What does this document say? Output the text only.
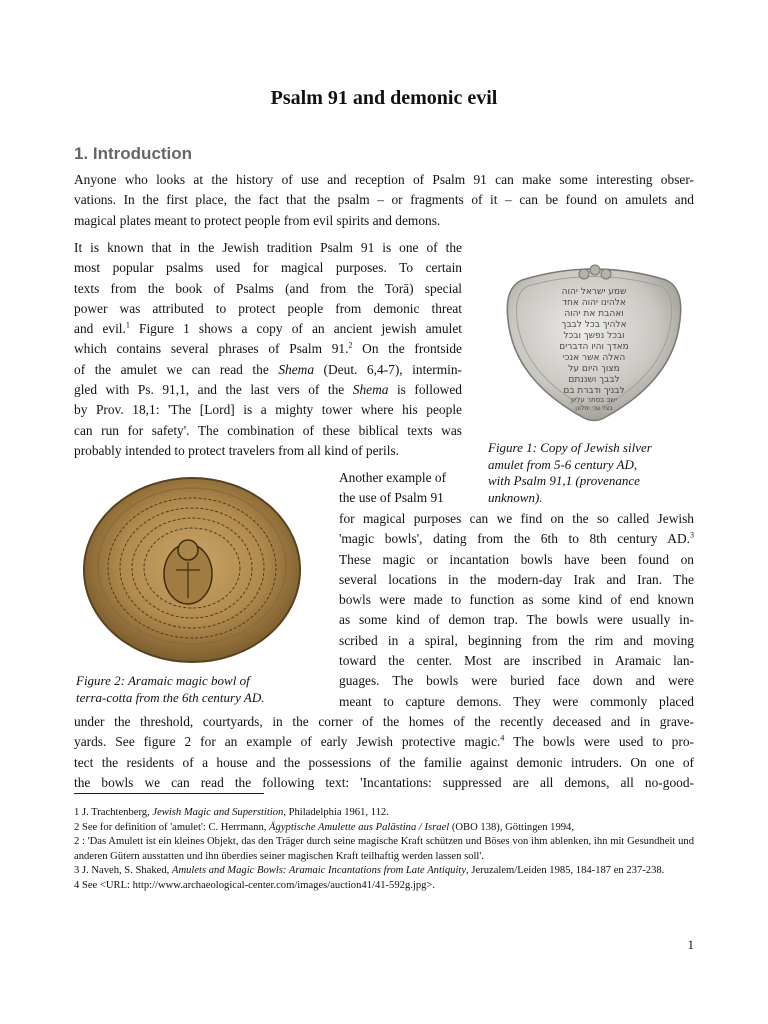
Psalm 91 and demonic evil
1. Introduction
Anyone who looks at the history of use and reception of Psalm 91 can make some interesting obser-
vations. In the first place, the fact that the psalm – or fragments of it – can be found on amulets and
magical plates meant to protect people from evil spirits and demons.
It is known that in the Jewish tradition Psalm 91 is one of the
most popular psalms used for magical purposes. To certain
texts from the book of Psalms (and from the Torā) special
power was attributed to protect people from demonic threat
and evil.$^1$ Figure 1 shows a copy of an ancient jewish amulet
which contains several phrases of Psalm 91.$^2$ On the frontside
of the amulet we can read the Shema (Deut. 6,4-7), intermin-
gled with Ps. 91,1, and the last vers of the Shema is followed
by Prov. 18,1: 'The [Lord] is a mighty tower where his people
can run for safety'. The combination of these biblical texts was
probably intended to protect travelers from all kind of perils.
שמע ישראל יהוה
אלהינו יהוה אחד
ואהבת את יהוה
אלהיך בכל לבבך
ובכל נפשך ובכל
מאדך והיו הדברים
האלה אשר אנכי
מצוך היום על
לבבך ושננתם
לבניך ודברת בם
ישב בסתר עליון
בצל שדי יתלונן
Figure 1: Copy of Jewish silver
amulet from 5-6 century AD,
with Psalm 91,1 (provenance
unknown).
Figure 2: Aramaic magic bowl of
terra-cotta from the 6th century AD.
Another example of
the use of Psalm 91
for magical purposes can we find on the so called Jewish
'magic bowls', dating from the 6th to 8th century AD.$^3$
These magic or incantation bowls have been found on
several locations in the modern-day Irak and Iran. The
bowls were made to function as some kind of end known
as some kind of demon trap. The bowls were usually in-
scribed in a spiral, beginning from the rim and moving
toward the center. Most are inscribed in Aramaic lan-
guages. The bowls were buried face down and were
meant to capture demons. They were commonly placed
under the threshold, courtyards, in the corner of the homes of the recently deceased and in grave-
yards. See figure 2 for an example of early Jewish protective magic.$^4$ The bowls were used to pro-
tect the residents of a house and the possessions of the familie against demonic intruders. On one of
the bowls we can read the following text: 'Incantations: suppressed are all demons, all no-good-
1 J. Trachtenberg, Jewish Magic and Superstition, Philadelphia 1961, 112.
2 See for definition of 'amulet': C. Herrmann, Ägyptische Amulette aus Palästina / Israel (OBO 138), Göttingen 1994,
2 : 'Das Amulett ist ein kleines Objekt, das den Träger durch seine magische Kraft schützen und Böses von ihm ablenken, ihn mit Gesundheit und anderen Gütern ausstatten und ihn überdies seiner magischen Kraft teilhaftig werden lassen soll'.
3 J. Naveh, S. Shaked, Amulets and Magic Bowls: Aramaic Incantations from Late Antiquity, Jeruzalem/Leiden 1985, 184-187 en 237-238.
4 See <URL: http://www.archaeological-center.com/images/auction41/41-592g.jpg>.
1
